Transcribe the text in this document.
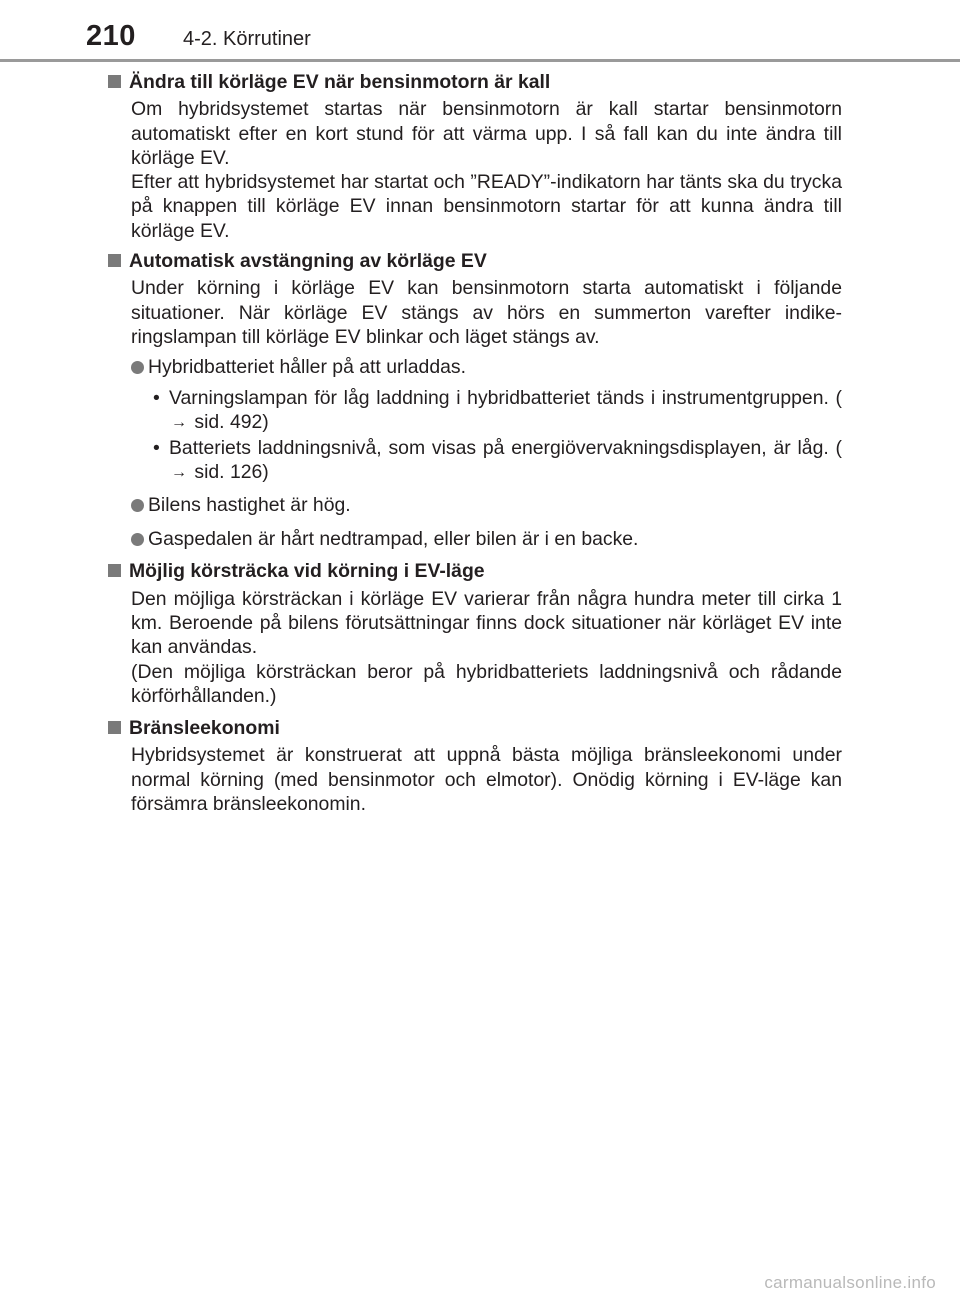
210 4-2. Körrutiner
Ändra till körläge EV när bensinmotorn är kall

Om hybridsystemet startas när bensinmotorn är kall startar bensinmotorn automatiskt efter en kort stund för att värma upp. I så fall kan du inte ändra till körläge EV.

Efter att hybridsystemet har startat och ”READY”-indikatorn har tänts ska du trycka på knappen till körläge EV innan bensinmotorn startar för att kunna ändra till körläge EV.

Automatisk avstängning av körläge EV

Under körning i körläge EV kan bensinmotorn starta automatiskt i följande situationer. När körläge EV stängs av hörs en summerton varefter indikeringslampan till körläge EV blinkar och läget stängs av.

Hybridbatteriet håller på att urladdas.
• Varningslampan för låg laddning i hybridbatteriet tänds i instrumentgruppen. (→ sid. 492)
• Batteriets laddningsnivå, som visas på energiövervakningsdisplayen, är låg. (→ sid. 126)
Bilens hastighet är hög.
Gaspedalen är hårt nedtrampad, eller bilen är i en backe.
Möjlig körsträcka vid körning i EV-läge

Den möjliga körsträckan i körläge EV varierar från några hundra meter till cirka 1 km. Beroende på bilens förutsättningar finns dock situationer när körläget EV inte kan användas.

(Den möjliga körsträckan beror på hybridbatteriets laddningsnivå och rådande körförhållanden.)

Bränsleekonomi

Hybridsystemet är konstruerat att uppnå bästa möjliga bränsleekonomi under normal körning (med bensinmotor och elmotor). Onödig körning i EV-läge kan försämra bränsleekonomin.

carmanualsonline.info
